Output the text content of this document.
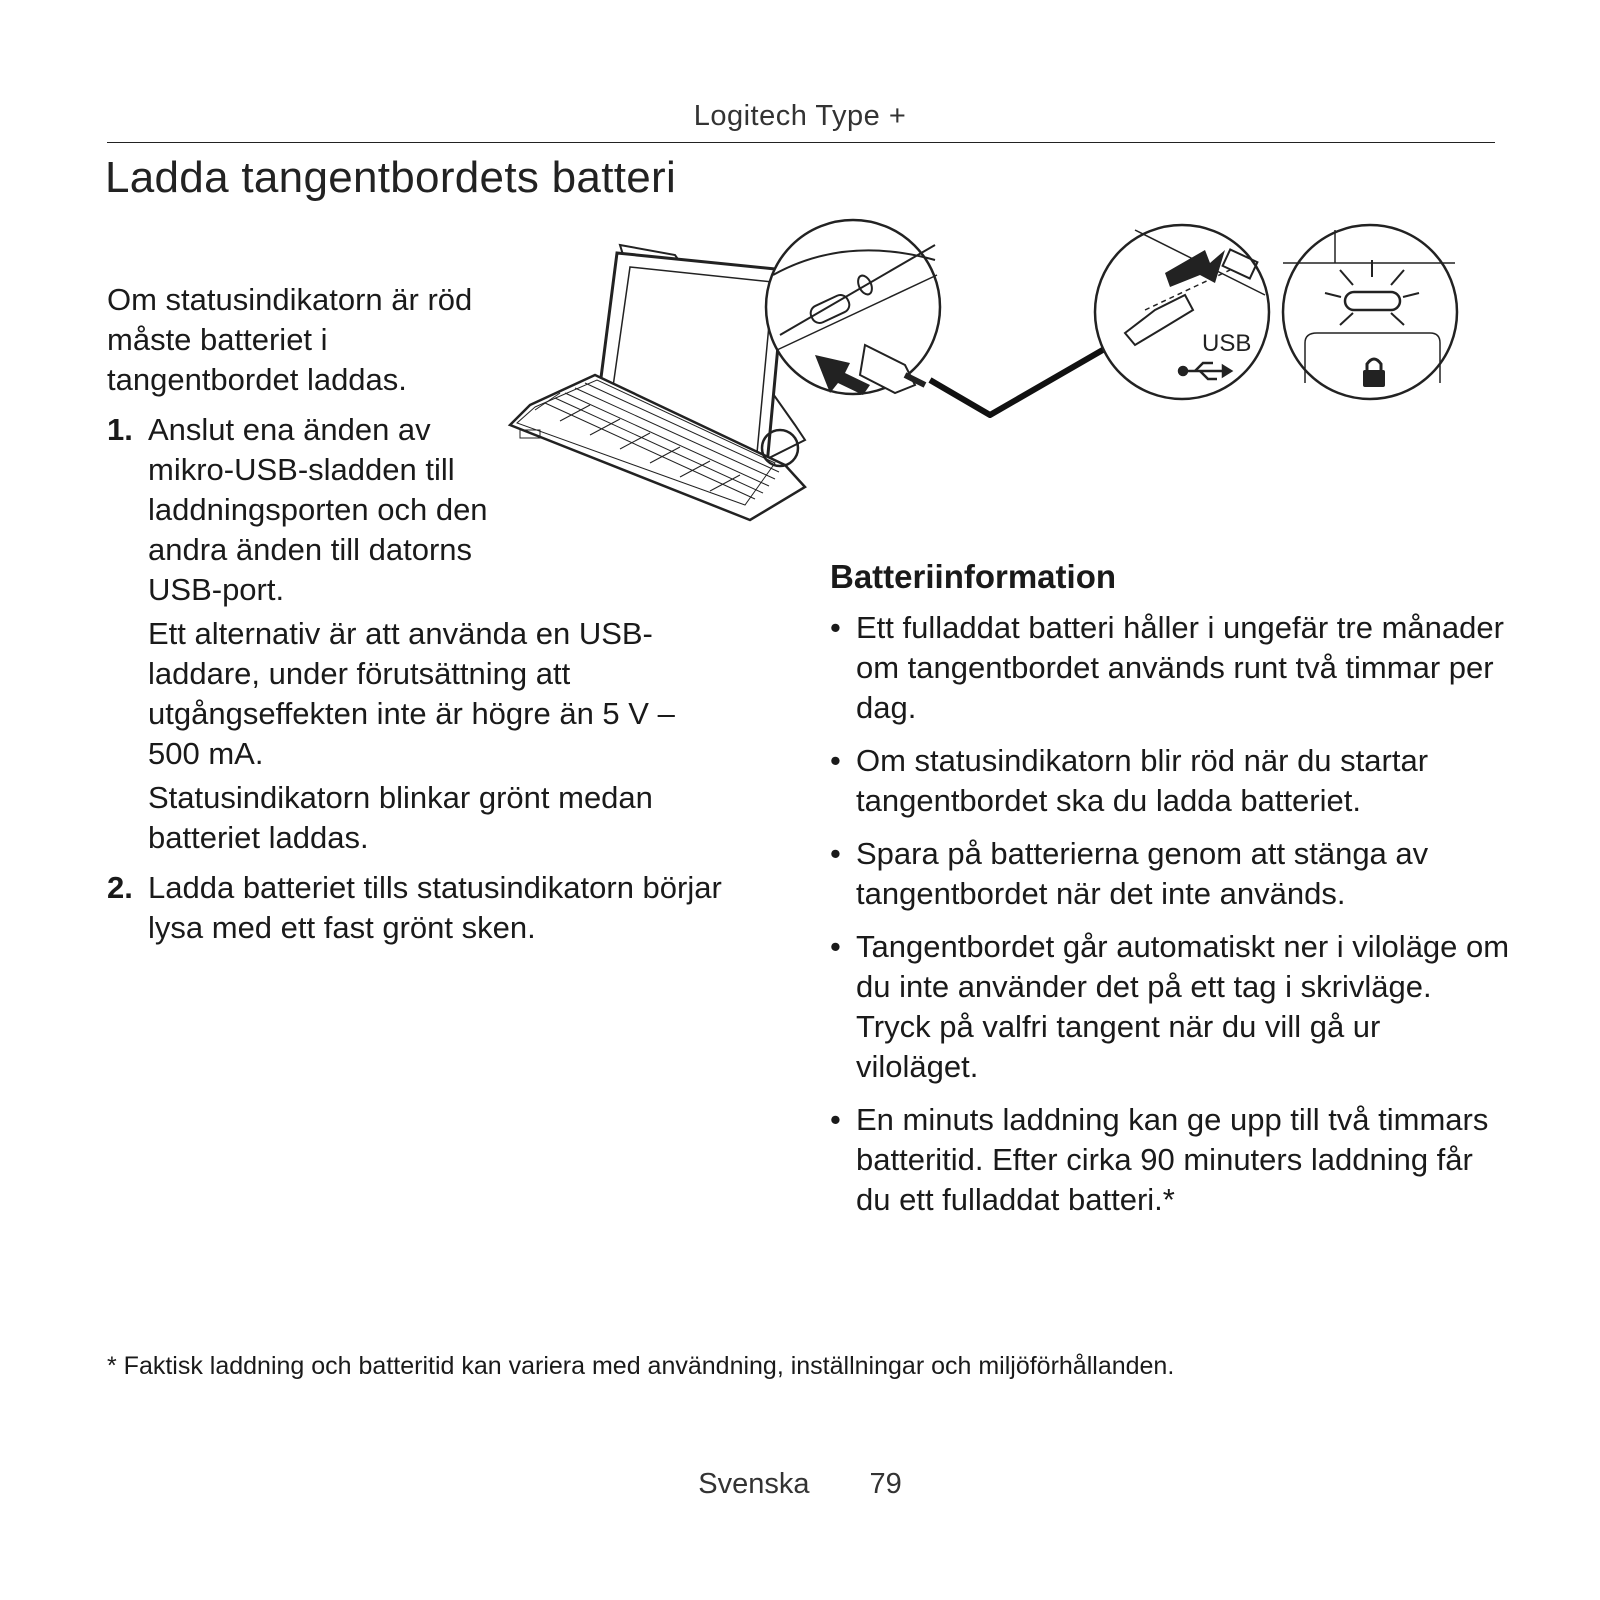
Logitech Type +
Ladda tangentbordets batteri
Om statusindikatorn är röd måste batteriet i tangentbordet laddas.
1. Anslut ena änden av mikro-USB-sladden till laddningsporten och den andra änden till datorns USB-port.
Ett alternativ är att använda en USB-laddare, under förutsättning att utgångseffekten inte är högre än 5 V – 500 mA.
Statusindikatorn blinkar grönt medan batteriet laddas.
2. Ladda batteriet tills statusindikatorn börjar lysa med ett fast grönt sken.
USB
Batteriinformation
• Ett fulladdat batteri håller i ungefär tre månader om tangentbordet används runt två timmar per dag.
• Om statusindikatorn blir röd när du startar tangentbordet ska du ladda batteriet.
• Spara på batterierna genom att stänga av tangentbordet när det inte används.
• Tangentbordet går automatiskt ner i viloläge om du inte använder det på ett tag i skrivläge. Tryck på valfri tangent när du vill gå ur viloläget.
• En minuts laddning kan ge upp till två timmars batteritid. Efter cirka 90 minuters laddning får du ett fulladdat batteri.*
* Faktisk laddning och batteritid kan variera med användning, inställningar och miljöförhållanden.
Svenska 79
